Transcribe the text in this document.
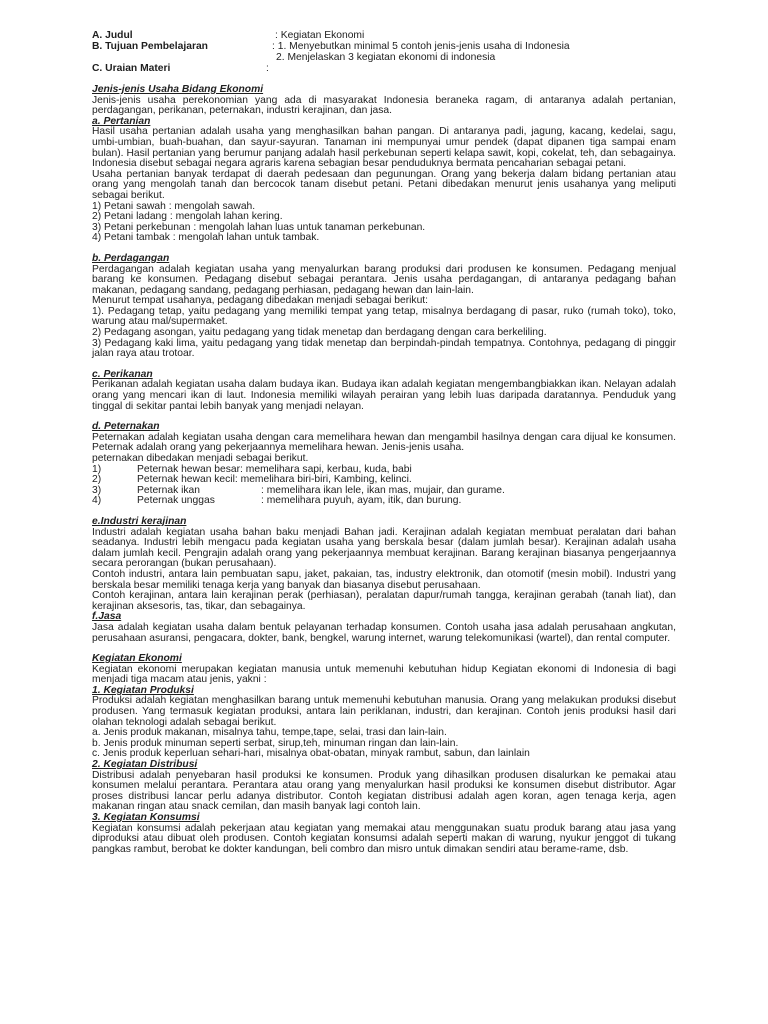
A. Judul	: Kegiatan Ekonomi
B. Tujuan Pembelajaran	: 1. Menyebutkan minimal 5 contoh jenis-jenis usaha di Indonesia
2. Menjelaskan 3 kegiatan ekonomi di indonesia
C. Uraian Materi	:

Jenis-jenis Usaha Bidang Ekonomi

Jenis-jenis usaha perekonomian yang ada di masyarakat Indonesia beraneka ragam, di antaranya adalah pertanian, perdagangan, perikanan, peternakan, industri kerajinan, dan jasa.

a. Pertanian

Hasil usaha pertanian adalah usaha yang menghasilkan bahan pangan. Di antaranya padi, jagung, kacang, kedelai, sagu, umbi-umbian, buah-buahan, dan sayur-sayuran. Tanaman ini mempunyai umur pendek (dapat dipanen tiga sampai enam bulan). Hasil pertanian yang berumur panjang adalah hasil perkebunan seperti kelapa sawit, kopi, cokelat, teh, dan sebagainya. Indonesia disebut sebagai negara agraris karena sebagian besar penduduknya bermata pencaharian sebagai petani.

Usaha pertanian banyak terdapat di daerah pedesaan dan pegunungan. Orang yang bekerja dalam bidang pertanian atau orang yang mengolah tanah dan bercocok tanam disebut petani. Petani dibedakan menurut jenis usahanya yang meliputi sebagai berikut.

1) Petani sawah : mengolah sawah.

2) Petani ladang : mengolah lahan kering.

3) Petani perkebunan : mengolah lahan luas untuk tanaman perkebunan.

4) Petani tambak : mengolah lahan untuk tambak.

b. Perdagangan

Perdagangan adalah kegiatan usaha yang menyalurkan barang produksi dari produsen ke konsumen. Pedagang menjual barang ke konsumen. Pedagang disebut sebagai perantara. Jenis usaha perdagangan, di antaranya pedagang bahan makanan, pedagang sandang, pedagang perhiasan, pedagang hewan dan lain-lain.

Menurut tempat usahanya, pedagang dibedakan menjadi sebagai berikut:

1). Pedagang tetap, yaitu pedagang yang memiliki tempat yang tetap, misalnya berdagang di pasar, ruko (rumah toko), toko, warung atau mal/supermaket.

2) Pedagang asongan, yaitu pedagang yang tidak menetap dan berdagang dengan cara berkeliling.

3) Pedagang kaki lima, yaitu pedagang yang tidak menetap dan berpindah-pindah tempatnya. Contohnya, pedagang di pinggir jalan raya atau trotoar.

c. Perikanan

Perikanan adalah kegiatan usaha dalam budaya ikan. Budaya ikan adalah kegiatan mengembangbiakkan ikan. Nelayan adalah orang yang mencari ikan di laut. Indonesia memiliki wilayah perairan yang lebih luas daripada daratannya. Penduduk yang tinggal di sekitar pantai lebih banyak yang menjadi nelayan.

d. Peternakan

Peternakan adalah kegiatan usaha dengan cara memelihara hewan dan mengambil hasilnya dengan cara dijual ke konsumen. Peternak adalah orang yang pekerjaannya memelihara hewan. Jenis-jenis usaha.

peternakan dibedakan menjadi sebagai berikut.

1)	Peternak hewan besar : memelihara sapi, kerbau, kuda, babi
2)	Peternak hewan kecil : memelihara biri-biri, Kambing, kelinci.
3)	Peternak ikan	: memelihara ikan lele, ikan mas, mujair, dan gurame.
4)	Peternak unggas	: memelihara puyuh, ayam, itik, dan burung.

e.Industri kerajinan

Industri adalah kegiatan usaha bahan baku menjadi Bahan jadi. Kerajinan adalah kegiatan membuat peralatan dari bahan seadanya. Industri lebih mengacu pada kegiatan usaha yang berskala besar (dalam jumlah besar). Kerajinan adalah usaha dalam jumlah kecil. Pengrajin adalah orang yang pekerjaannya membuat kerajinan. Barang kerajinan biasanya pengerjaannya secara perorangan (bukan perusahaan).

Contoh industri, antara lain pembuatan sapu, jaket, pakaian, tas, industry elektronik, dan otomotif (mesin mobil). Industri yang berskala besar memiliki tenaga kerja yang banyak dan biasanya disebut perusahaan.

Contoh kerajinan, antara lain kerajinan perak (perhiasan), peralatan dapur/rumah tangga, kerajinan gerabah (tanah liat), dan kerajinan aksesoris, tas, tikar, dan sebagainya.

f.Jasa

Jasa adalah kegiatan usaha dalam bentuk pelayanan terhadap konsumen. Contoh usaha jasa adalah perusahaan angkutan, perusahaan asuransi, pengacara, dokter, bank, bengkel, warung internet, warung telekomunikasi (wartel), dan rental computer.

Kegiatan Ekonomi

Kegiatan ekonomi merupakan kegiatan manusia untuk memenuhi kebutuhan hidup Kegiatan ekonomi di Indonesia di bagi menjadi tiga macam atau jenis, yakni :

1. Kegiatan Produksi

Produksi adalah kegiatan menghasilkan barang untuk memenuhi kebutuhan manusia. Orang yang melakukan produksi disebut produsen. Yang termasuk kegiatan produksi, antara lain periklanan, industri, dan kerajinan. Contoh jenis produksi hasil dari olahan teknologi adalah sebagai berikut.

a. Jenis produk makanan, misalnya tahu, tempe,tape, selai, trasi dan lain-lain.

b. Jenis produk minuman seperti serbat, sirup,teh, minuman ringan dan lain-lain.

c. Jenis produk keperluan sehari-hari, misalnya obat-obatan, minyak rambut, sabun, dan lainlain

2. Kegiatan Distribusi

Distribusi adalah penyebaran hasil produksi ke konsumen. Produk yang dihasilkan produsen disalurkan ke pemakai atau konsumen melalui perantara. Perantara atau orang yang menyalurkan hasil produksi ke konsumen disebut distributor. Agar proses distribusi lancar perlu adanya distributor. Contoh kegiatan distribusi adalah agen koran, agen tenaga kerja, agen makanan ringan atau snack cemilan, dan masih banyak lagi contoh lain.

3. Kegiatan Konsumsi

Kegiatan konsumsi adalah pekerjaan atau kegiatan yang memakai atau menggunakan suatu produk barang atau jasa yang diproduksi atau dibuat oleh produsen. Contoh kegiatan konsumsi adalah seperti makan di warung, nyukur jenggot di tukang pangkas rambut, berobat ke dokter kandungan, beli combro dan misro untuk dimakan sendiri atau berame-rame, dsb.
